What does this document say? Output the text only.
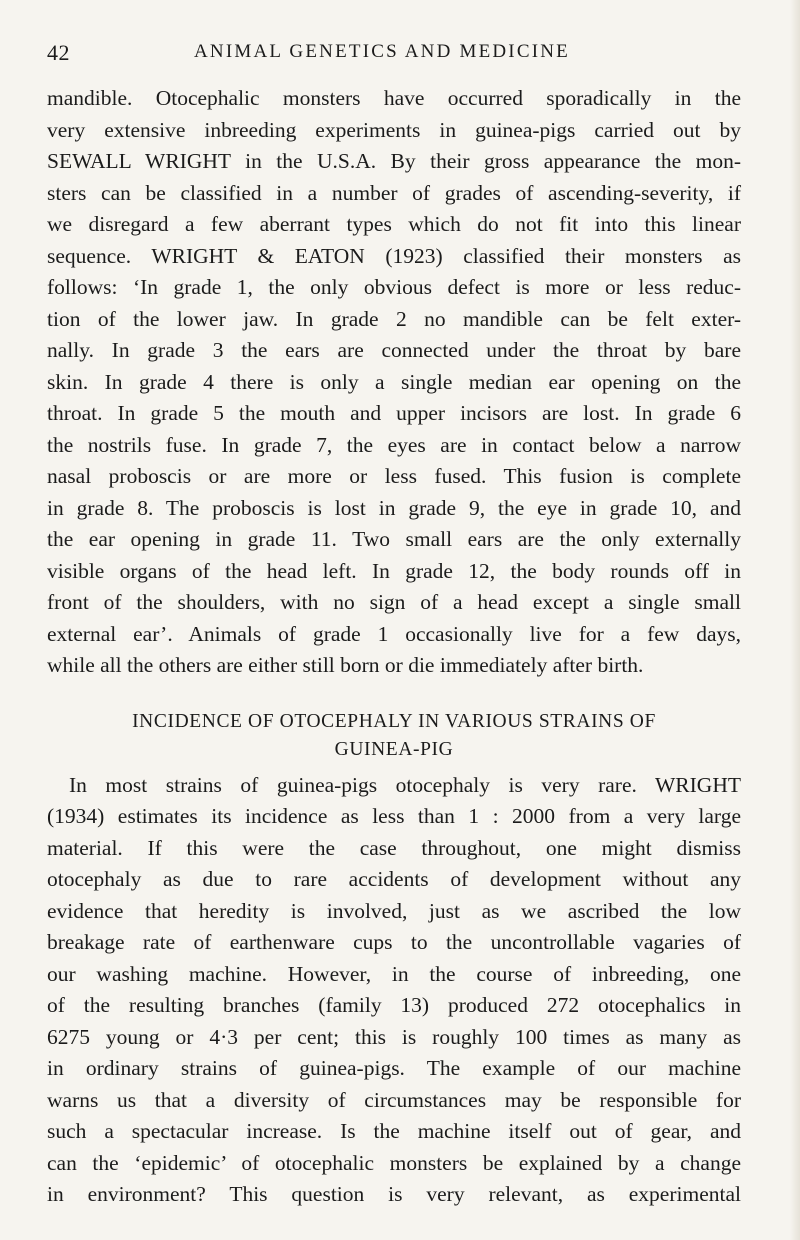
42	ANIMAL GENETICS AND MEDICINE

mandible. Otocephalic monsters have occurred sporadically in the
very extensive inbreeding experiments in guinea-pigs carried out by
SEWALL WRIGHT in the U.S.A. By their gross appearance the mon-
sters can be classified in a number of grades of ascending-severity, if
we disregard a few aberrant types which do not fit into this linear
sequence. WRIGHT & EATON (1923) classified their monsters as
follows: ‘In grade 1, the only obvious defect is more or less reduc-
tion of the lower jaw. In grade 2 no mandible can be felt exter-
nally. In grade 3 the ears are connected under the throat by bare
skin. In grade 4 there is only a single median ear opening on the
throat. In grade 5 the mouth and upper incisors are lost. In grade 6
the nostrils fuse. In grade 7, the eyes are in contact below a narrow
nasal proboscis or are more or less fused. This fusion is complete
in grade 8. The proboscis is lost in grade 9, the eye in grade 10, and
the ear opening in grade 11. Two small ears are the only externally
visible organs of the head left. In grade 12, the body rounds off in
front of the shoulders, with no sign of a head except a single small
external ear’. Animals of grade 1 occasionally live for a few days,
while all the others are either still born or die immediately after birth.

INCIDENCE OF OTOCEPHALY IN VARIOUS STRAINS OF
GUINEA-PIG

In most strains of guinea-pigs otocephaly is very rare. WRIGHT
(1934) estimates its incidence as less than 1 : 2000 from a very large
material. If this were the case throughout, one might dismiss
otocephaly as due to rare accidents of development without any
evidence that heredity is involved, just as we ascribed the low
breakage rate of earthenware cups to the uncontrollable vagaries of
our washing machine. However, in the course of inbreeding, one
of the resulting branches (family 13) produced 272 otocephalics in
6275 young or 4·3 per cent; this is roughly 100 times as many as
in ordinary strains of guinea-pigs. The example of our machine
warns us that a diversity of circumstances may be responsible for
such a spectacular increase. Is the machine itself out of gear, and
can the ‘epidemic’ of otocephalic monsters be explained by a change
in environment? This question is very relevant, as experimental
